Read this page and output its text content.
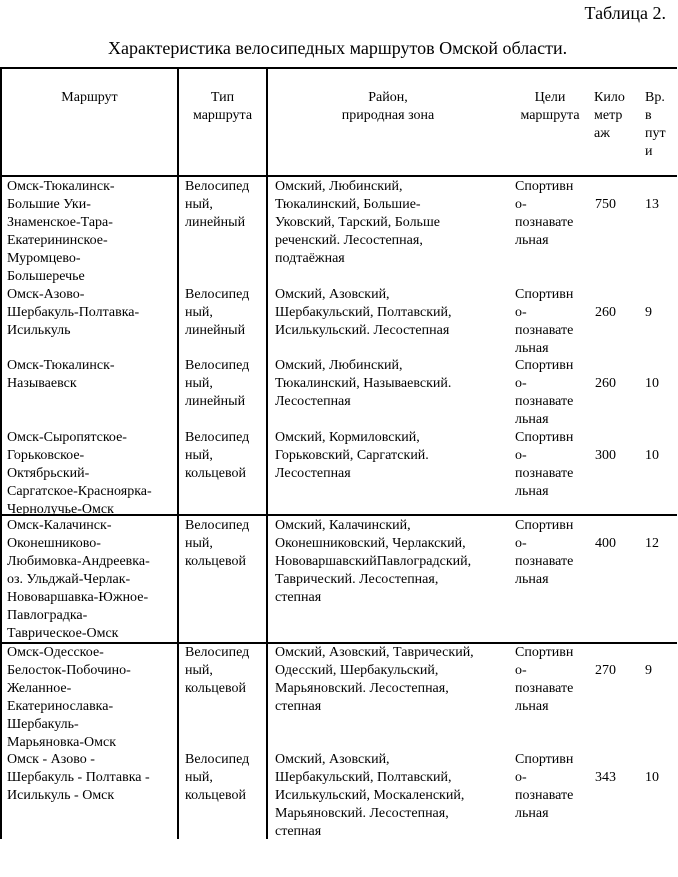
Таблица 2.
Характеристика велосипедных маршрутов Омской области.
Маршрут	Тип
маршрута
Район,
природная зона
Цели
маршрута
Кило
метр
аж
Вр.
в
пут
и
Омск-Тюкалинск-
Большие Уки-
Знаменское-Тара-
Екатерининское-
Муромцево-
Большеречье
Велосипед
ный,
линейный
Омский, Любинский,
Тюкалинский, Большие-
Уковский, Тарский, Больше
реченский. Лесостепная,
подтаёжная
Спортивн
о-
познавате
льная
750 13
Омск-Азово-
Шербакуль-Полтавка-
Исилькуль
Велосипед
ный,
линейный
Омский, Азовский,
Шербакульский, Полтавский,
Исилькульский. Лесостепная
Спортивн
о-
познавате
льная
260 9
Омск-Тюкалинск-
Называевск
Велосипед
ный,
линейный
Омский, Любинский,
Тюкалинский, Называевский.
Лесостепная
Спортивн
о-
познавате
льная
260 10
Омск-Сыропятское-
Горьковское-
Октябрьский-
Саргатское-Красноярка-
Чернолучье-Омск
Велосипед
ный,
кольцевой
Омский, Кормиловский,
Горьковский, Саргатский.
Лесостепная
Спортивн
о-
познавате
льная
300 10
Омск-Калачинск-
Оконешниково-
Любимовка-Андреевка-
оз. Ульджай-Черлак-
Нововаршавка-Южное-
Павлоградка-
Таврическое-Омск
Велосипед
ный,
кольцевой
Омский, Калачинский,
Оконешниковский, Черлакский,
НововаршавскийПавлоградский,
Таврический. Лесостепная,
степная
Спортивн
о-
познавате
льная
400 12
Омск-Одесское-
Белосток-Побочино-
Желанное-
Екатеринославка-
Шербакуль-
Марьяновка-Омск
Велосипед
ный,
кольцевой
Омский, Азовский, Таврический,
Одесский, Шербакульский,
Марьяновский. Лесостепная,
степная
Спортивн
о-
познавате
льная
270 9
Омск - Азово -
Шербакуль - Полтавка -
Исилькуль - Омск
Велосипед
ный,
кольцевой
Омский, Азовский,
Шербакульский, Полтавский,
Исилькульский, Москаленский,
Марьяновский. Лесостепная,
степная
Спортивн
о-
познавате
льная
343 10
